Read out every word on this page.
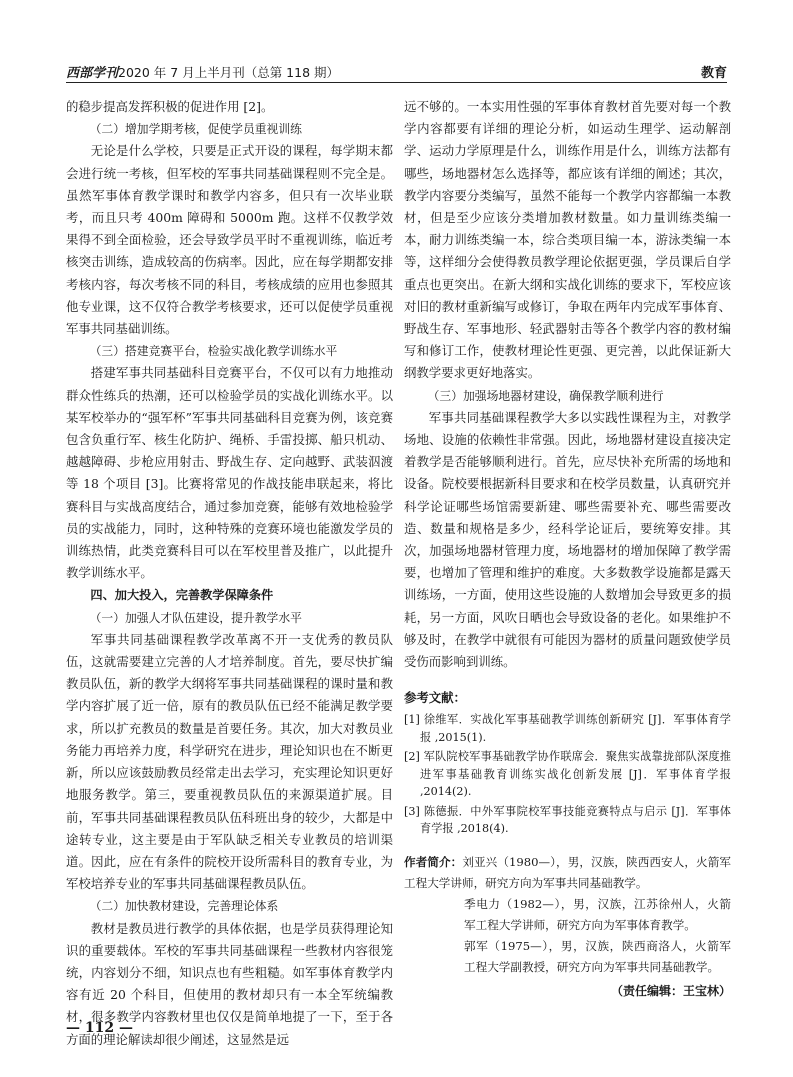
西部学刊2020 年 7 月上半月刊（总第 118 期）	教育

的稳步提高发挥积极的促进作用 [2]。

（二）增加学期考核，促使学员重视训练

无论是什么学校，只要是正式开设的课程，每学期末都会进行统一考核，但军校的军事共同基础课程则不完全是。虽然军事体育教学课时和教学内容多，但只有一次毕业联考，而且只考 400m 障碍和 5000m 跑。这样不仅教学效果得不到全面检验，还会导致学员平时不重视训练，临近考核突击训练，造成较高的伤病率。因此，应在每学期都安排考核内容，每次考核不同的科目，考核成绩的应用也参照其他专业课，这不仅符合教学考核要求，还可以促使学员重视军事共同基础训练。

（三）搭建竞赛平台，检验实战化教学训练水平

搭建军事共同基础科目竞赛平台，不仅可以有力地推动群众性练兵的热潮，还可以检验学员的实战化训练水平。以某军校举办的“强军杯”军事共同基础科目竞赛为例，该竞赛包含负重行军、核生化防护、绳桥、手雷投掷、船只机动、越越障碍、步枪应用射击、野战生存、定向越野、武装泅渡等 18 个项目 [3]。比赛将常见的作战技能串联起来，将比赛科目与实战高度结合，通过参加竞赛，能够有效地检验学员的实战能力，同时，这种特殊的竞赛环境也能激发学员的训练热情，此类竞赛科目可以在军校里普及推广，以此提升教学训练水平。

四、加大投入，完善教学保障条件

（一）加强人才队伍建设，提升教学水平

军事共同基础课程教学改革离不开一支优秀的教员队伍，这就需要建立完善的人才培养制度。首先，要尽快扩编教员队伍，新的教学大纲将军事共同基础课程的课时量和教学内容扩展了近一倍，原有的教员队伍已经不能满足教学要求，所以扩充教员的数量是首要任务。其次，加大对教员业务能力再培养力度，科学研究在进步，理论知识也在不断更新，所以应该鼓励教员经常走出去学习，充实理论知识更好地服务教学。第三，要重视教员队伍的来源渠道扩展。目前，军事共同基础课程教员队伍科班出身的较少，大都是中途转专业，这主要是由于军队缺乏相关专业教员的培训渠道。因此，应在有条件的院校开设所需科目的教育专业，为军校培养专业的军事共同基础课程教员队伍。

（二）加快教材建设，完善理论体系

教材是教员进行教学的具体依据，也是学员获得理论知识的重要载体。军校的军事共同基础课程一些教材内容很笼统，内容划分不细，知识点也有些粗糙。如军事体育教学内容有近 20 个科目，但使用的教材却只有一本全军统编教材，很多教学内容教材里也仅仅是简单地提了一下，至于各方面的理论解读却很少阐述，这显然是远

远不够的。一本实用性强的军事体育教材首先要对每一个教学内容都要有详细的理论分析，如运动生理学、运动解剖学、运动力学原理是什么，训练作用是什么，训练方法都有哪些，场地器材怎么选择等，都应该有详细的阐述；其次，教学内容要分类编写，虽然不能每一个教学内容都编一本教材，但是至少应该分类增加教材数量。如力量训练类编一本，耐力训练类编一本，综合类项目编一本，游泳类编一本等，这样细分会使得教员教学理论依据更强，学员课后自学重点也更突出。在新大纲和实战化训练的要求下，军校应该对旧的教材重新编写或修订，争取在两年内完成军事体育、野战生存、军事地形、轻武器射击等各个教学内容的教材编写和修订工作，使教材理论性更强、更完善，以此保证新大纲教学要求更好地落实。

（三）加强场地器材建设，确保教学顺利进行

军事共同基础课程教学大多以实践性课程为主，对教学场地、设施的依赖性非常强。因此，场地器材建设直接决定着教学是否能够顺利进行。首先，应尽快补充所需的场地和设备。院校要根据新科目要求和在校学员数量，认真研究并科学论证哪些场馆需要新建、哪些需要补充、哪些需要改造、数量和规格是多少，经科学论证后，要统筹安排。其次，加强场地器材管理力度，场地器材的增加保障了教学需要，也增加了管理和维护的难度。大多数教学设施都是露天训练场，一方面，使用这些设施的人数增加会导致更多的损耗，另一方面，风吹日晒也会导致设备的老化。如果维护不够及时，在教学中就很有可能因为器材的质量问题致使学员受伤而影响到训练。

参考文献：
[1] 徐维军．实战化军事基础教学训练创新研究 [J]．军事体育学报 ,2015(1).
[2] 军队院校军事基础教学协作联席会．聚焦实战靠拢部队深度推进军事基础教育训练实战化创新发展 [J]．军事体育学报 ,2014(2).
[3] 陈德振．中外军事院校军事技能竞赛特点与启示 [J]．军事体育学报 ,2018(4).
作者简介：刘亚兴（1980—），男，汉族，陕西西安人，火箭军工程大学讲师，研究方向为军事共同基础教学。
季电力（1982—），男，汉族，江苏徐州人，火箭军工程大学讲师，研究方向为军事体育教学。
郭军（1975—），男，汉族，陕西商洛人，火箭军工程大学副教授，研究方向为军事共同基础教学。
（责任编辑：王宝林）
— 112 —
